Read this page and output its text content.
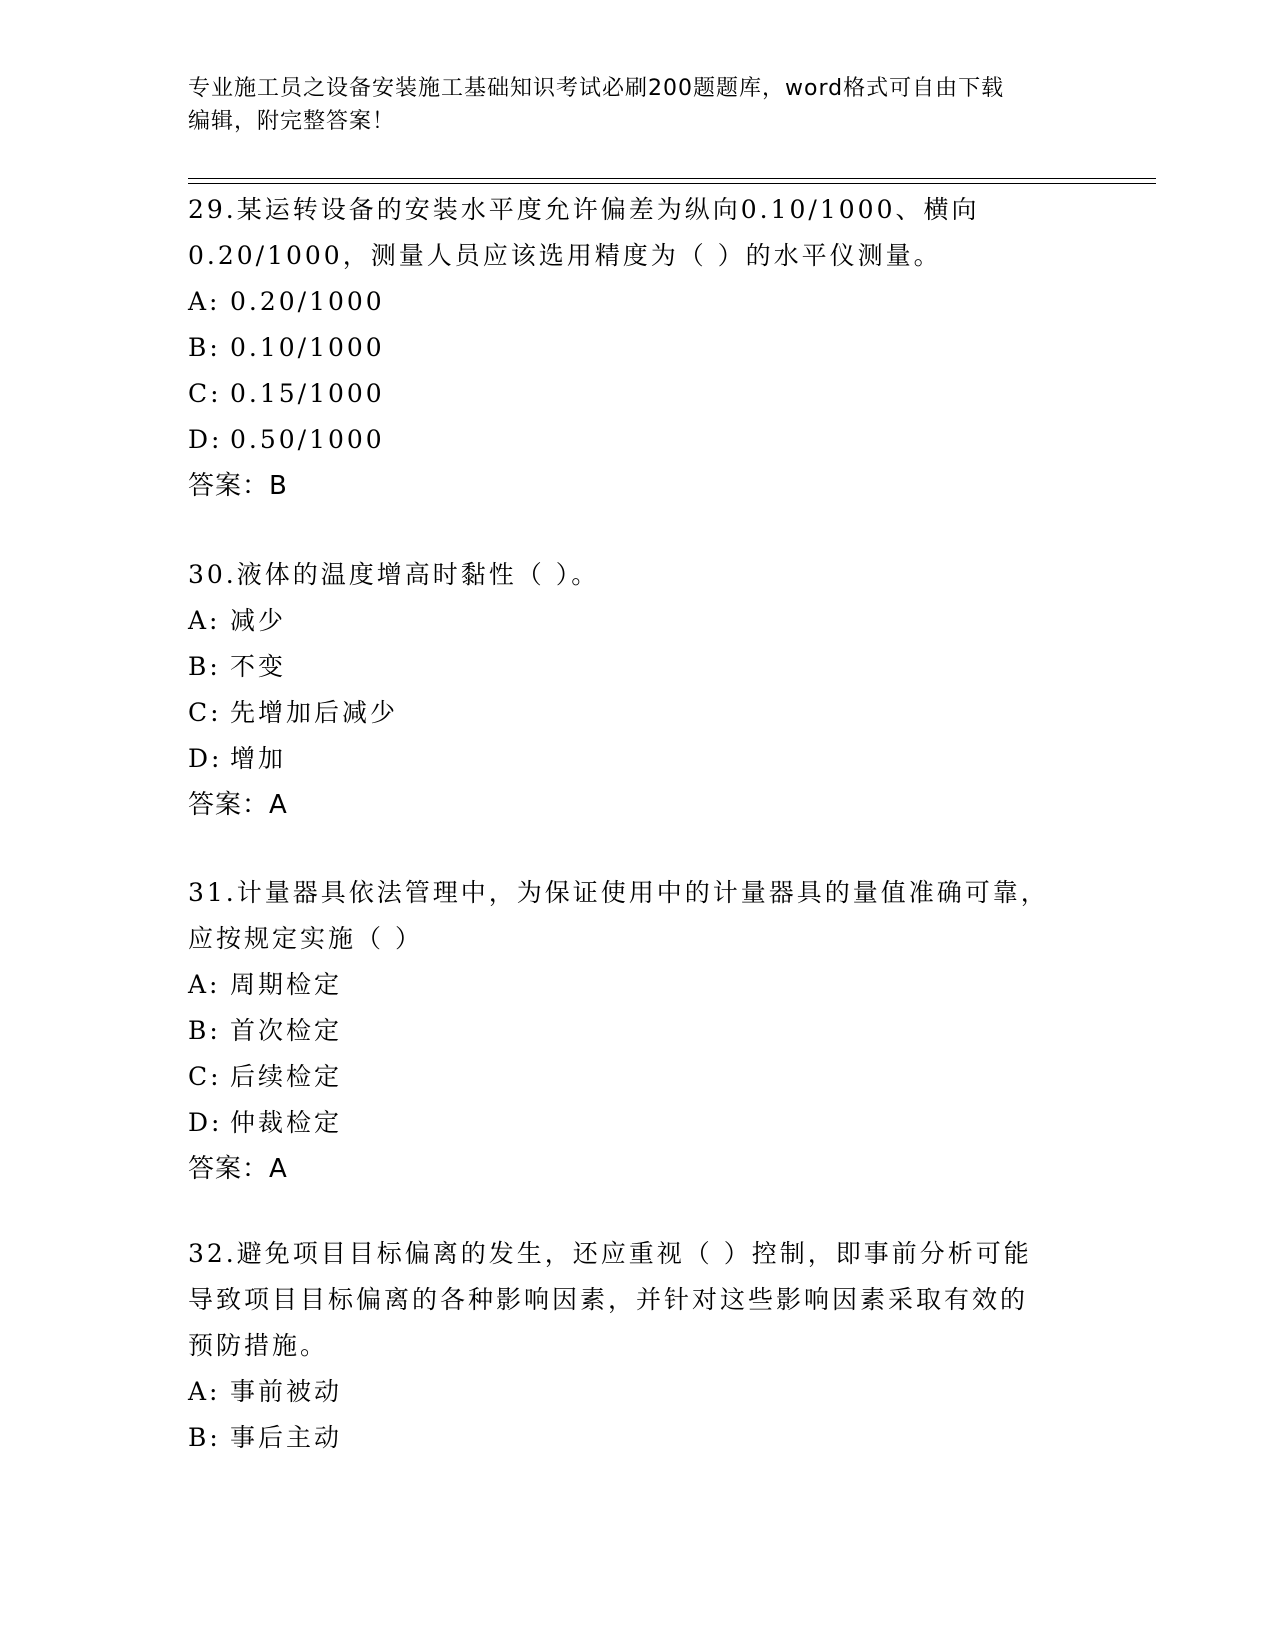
专业施工员之设备安装施工基础知识考试必刷200题题库，word格式可自由下载
编辑，附完整答案！
29.某运转设备的安装水平度允许偏差为纵向0.10/1000、横向
0.20/1000，测量人员应该选用精度为（ ）的水平仪测量。
A: 0.20/1000
B: 0.10/1000
C: 0.15/1000
D: 0.50/1000
答案：B
30.液体的温度增高时黏性（ ）。
A: 减少
B: 不变
C: 先增加后减少
D: 增加
答案：A
31.计量器具依法管理中，为保证使用中的计量器具的量值准确可靠，
应按规定实施（ ）
A: 周期检定
B: 首次检定
C: 后续检定
D: 仲裁检定
答案：A
32.避免项目目标偏离的发生，还应重视（ ）控制，即事前分析可能
导致项目目标偏离的各种影响因素，并针对这些影响因素采取有效的
预防措施。
A: 事前被动
B: 事后主动
